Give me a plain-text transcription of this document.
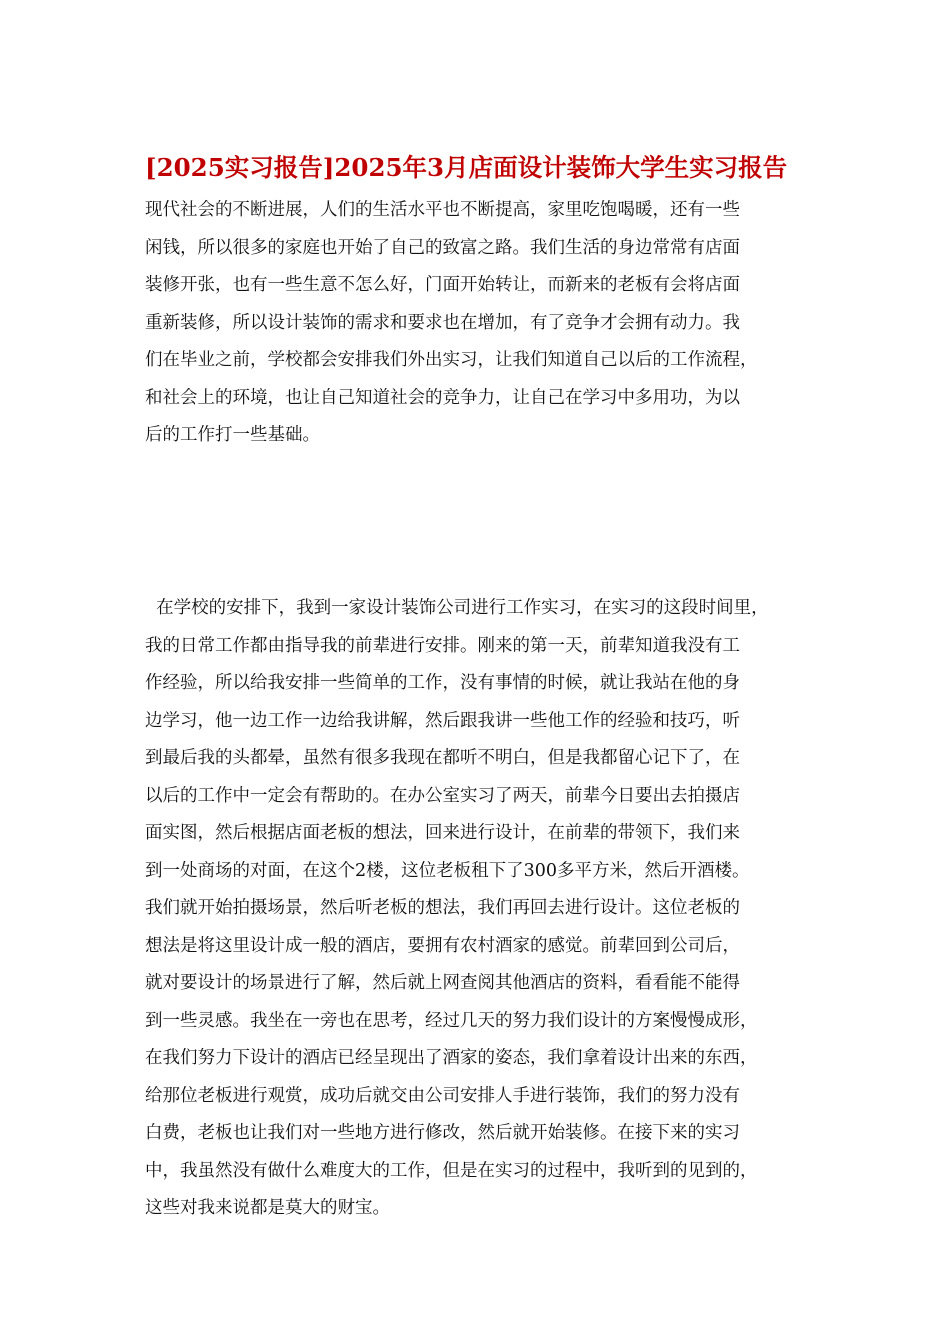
[2025实习报告]2025年3月店面设计装饰大学生实习报告
现代社会的不断进展，人们的生活水平也不断提高，家里吃饱喝暖，还有一些
闲钱，所以很多的家庭也开始了自己的致富之路。我们生活的身边常常有店面
装修开张，也有一些生意不怎么好，门面开始转让，而新来的老板有会将店面
重新装修，所以设计装饰的需求和要求也在增加，有了竞争才会拥有动力。我
们在毕业之前，学校都会安排我们外出实习，让我们知道自己以后的工作流程，
和社会上的环境，也让自己知道社会的竞争力，让自己在学习中多用功，为以
后的工作打一些基础。
在学校的安排下，我到一家设计装饰公司进行工作实习，在实习的这段时间里，
我的日常工作都由指导我的前辈进行安排。刚来的第一天，前辈知道我没有工
作经验，所以给我安排一些简单的工作，没有事情的时候，就让我站在他的身
边学习，他一边工作一边给我讲解，然后跟我讲一些他工作的经验和技巧，听
到最后我的头都晕，虽然有很多我现在都听不明白，但是我都留心记下了，在
以后的工作中一定会有帮助的。在办公室实习了两天，前辈今日要出去拍摄店
面实图，然后根据店面老板的想法，回来进行设计，在前辈的带领下，我们来
到一处商场的对面，在这个2楼，这位老板租下了300多平方米，然后开酒楼。
我们就开始拍摄场景，然后听老板的想法，我们再回去进行设计。这位老板的
想法是将这里设计成一般的酒店，要拥有农村酒家的感觉。前辈回到公司后，
就对要设计的场景进行了解，然后就上网查阅其他酒店的资料，看看能不能得
到一些灵感。我坐在一旁也在思考，经过几天的努力我们设计的方案慢慢成形，
在我们努力下设计的酒店已经呈现出了酒家的姿态，我们拿着设计出来的东西，
给那位老板进行观赏，成功后就交由公司安排人手进行装饰，我们的努力没有
白费，老板也让我们对一些地方进行修改，然后就开始装修。在接下来的实习
中，我虽然没有做什么难度大的工作，但是在实习的过程中，我听到的见到的，
这些对我来说都是莫大的财宝。
